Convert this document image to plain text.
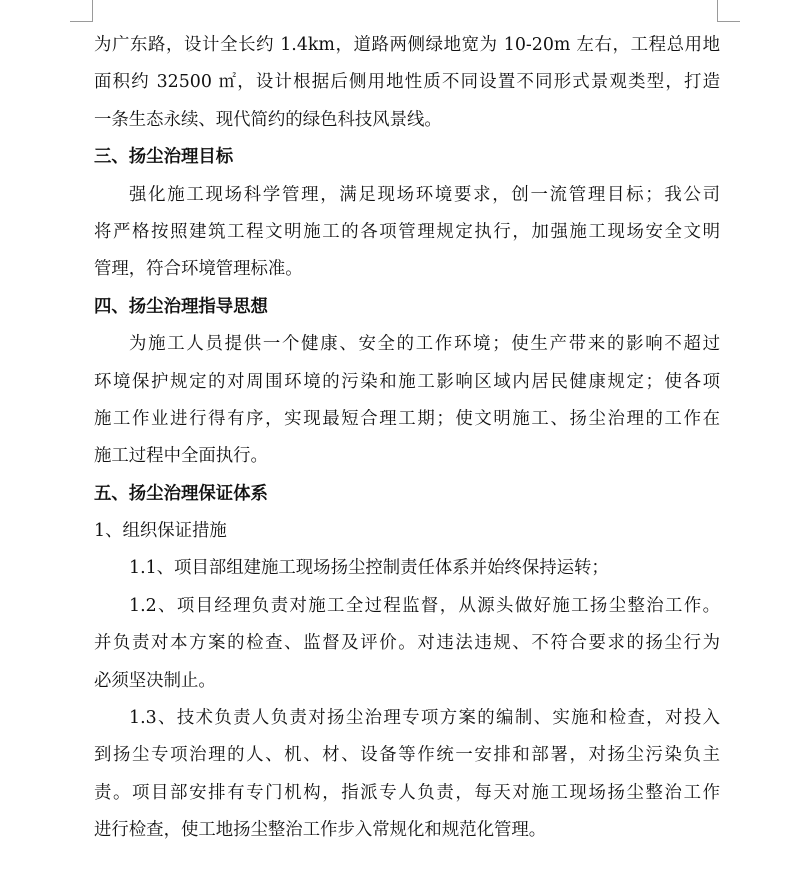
为广东路，设计全长约 1.4km，道路两侧绿地宽为 10-20m 左右，工程总用地
面积约 32500 ㎡，设计根据后侧用地性质不同设置不同形式景观类型，打造
一条生态永续、现代简约的绿色科技风景线。
三、扬尘治理目标
强化施工现场科学管理，满足现场环境要求，创一流管理目标；我公司
将严格按照建筑工程文明施工的各项管理规定执行，加强施工现场安全文明
管理，符合环境管理标准。
四、扬尘治理指导思想
为施工人员提供一个健康、安全的工作环境；使生产带来的影响不超过
环境保护规定的对周围环境的污染和施工影响区域内居民健康规定；使各项
施工作业进行得有序，实现最短合理工期；使文明施工、扬尘治理的工作在
施工过程中全面执行。
五、扬尘治理保证体系
1、组织保证措施
1.1、项目部组建施工现场扬尘控制责任体系并始终保持运转；
1.2、项目经理负责对施工全过程监督，从源头做好施工扬尘整治工作。
并负责对本方案的检查、监督及评价。对违法违规、不符合要求的扬尘行为
必须坚决制止。
1.3、技术负责人负责对扬尘治理专项方案的编制、实施和检查，对投入
到扬尘专项治理的人、机、材、设备等作统一安排和部署，对扬尘污染负主
责。项目部安排有专门机构，指派专人负责，每天对施工现场扬尘整治工作
进行检查，使工地扬尘整治工作步入常规化和规范化管理。
